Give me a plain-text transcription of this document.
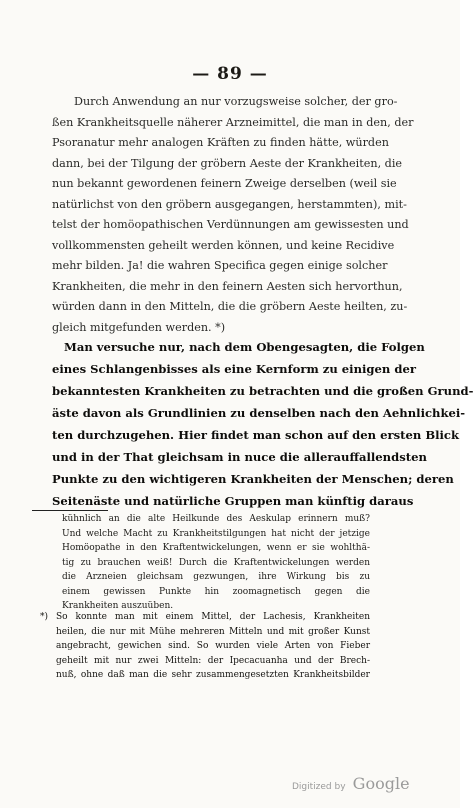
— 89 —
Durch Anwendung an nur vorzugsweise solcher, der gro-
ßen Krankheitsquelle näherer Arzneimittel, die man in den, der
Psoranatur mehr analogen Kräften zu finden hätte, würden
dann, bei der Tilgung der gröbern Aeste der Krankheiten, die
nun bekannt gewordenen feinern Zweige derselben (weil sie
natürlichst von den gröbern ausgegangen, herstammten), mit-
telst der homöopathischen Verdünnungen am gewissesten und
vollkommensten geheilt werden können, und keine Recidive
mehr bilden. Ja! die wahren Specifica gegen einige solcher
Krankheiten, die mehr in den feinern Aesten sich hervorthun,
würden dann in den Mitteln, die die gröbern Aeste heilten, zu-
gleich mitgefunden werden. *)
Man versuche nur, nach dem Obengesagten, die Folgen
eines Schlangenbisses als eine Kernform zu einigen der
bekanntesten Krankheiten zu betrachten und die großen Grund-
äste davon als Grundlinien zu denselben nach den Aehnlichkei-
ten durchzugehen. Hier findet man schon auf den ersten Blick
und in der That gleichsam in nuce die allerauffallendsten
Punkte zu den wichtigeren Krankheiten der Menschen; deren
Seitenäste und natürliche Gruppen man künftig daraus
kühnlich an die alte Heilkunde des Aeskulap erinnern muß?
Und welche Macht zu Krankheitstilgungen hat nicht der jetzige
Homöopathe in den Kraftentwickelungen, wenn er sie wohlthä-
tig zu brauchen weiß! Durch die Kraftentwickelungen werden
die Arzneien gleichsam gezwungen, ihre Wirkung bis zu
einem gewissen Punkte hin zoomagnetisch gegen die
Krankheiten auszuüben.
*) So konnte man mit einem Mittel, der Lachesis, Krankheiten
heilen, die nur mit Mühe mehreren Mitteln und mit großer Kunst
angebracht, gewichen sind. So wurden viele Arten von Fieber
geheilt mit nur zwei Mitteln: der Ipecacuanha und der Brech-
nuß, ohne daß man die sehr zusammengesetzten Krankheitsbilder
Digitized by Google
